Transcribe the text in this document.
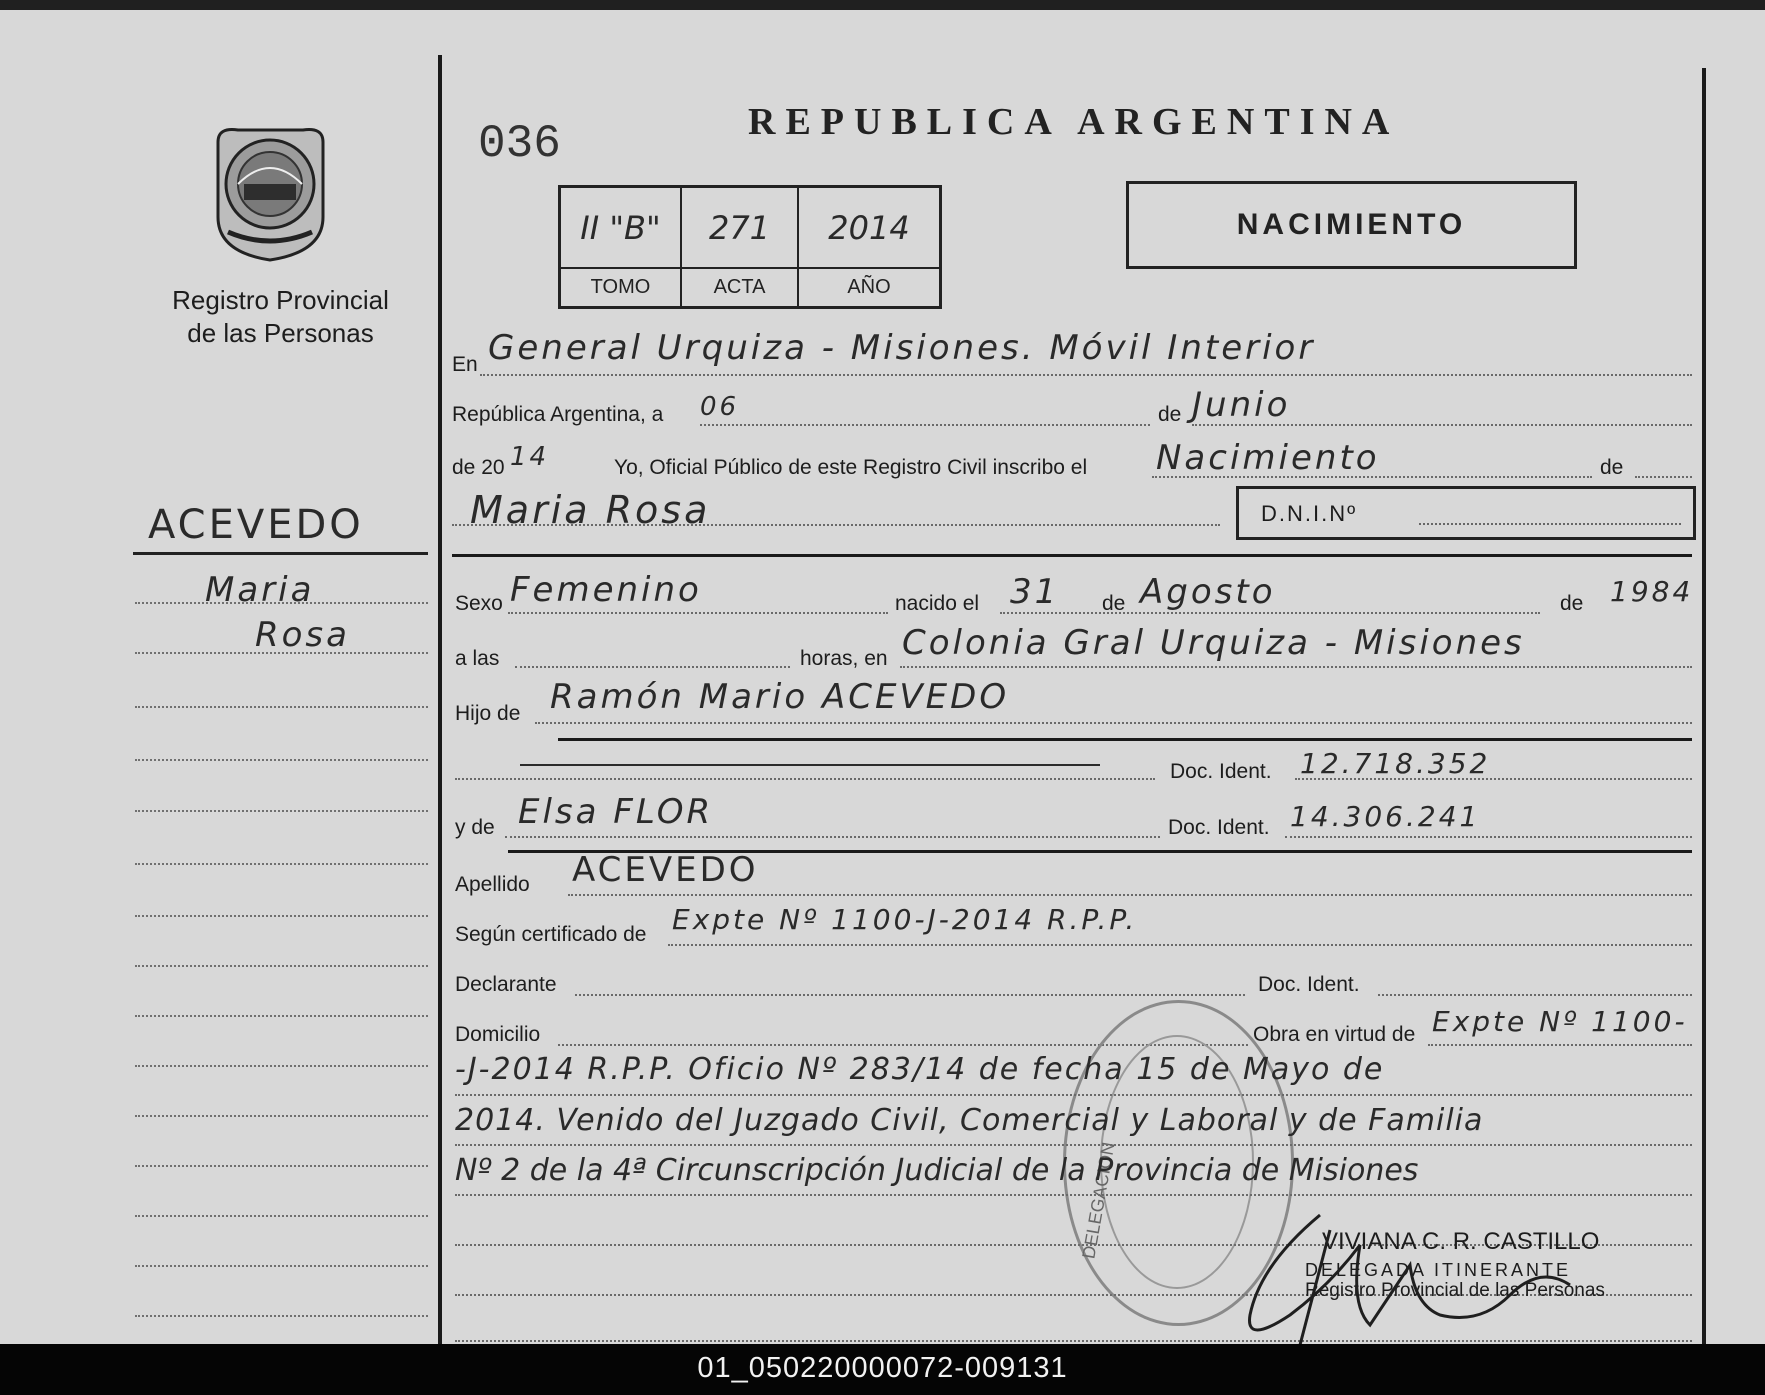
Registro Provincial
de las Personas
ACEVEDO
Maria
Rosa
036	REPUBLICA ARGENTINA
II "B"	271	2014
TOMO	ACTA	AÑO
NACIMIENTO
En General Urquiza - Misiones. Móvil Interior
República Argentina, a 06	de Junio
de 20 14	Yo, Oficial Público de este Registro Civil inscribo el Nacimiento	de
Maria Rosa	D.N.I.Nº
Sexo Femenino	nacido el 31 de Agosto	de 1984
a las	horas, en Colonia Gral Urquiza - Misiones
Hijo de Ramón Mario ACEVEDO
Doc. Ident. 12.718.352
y de Elsa FLOR	Doc. Ident. 14.306.241
Apellido ACEVEDO
Según certificado de Expte Nº 1100-J-2014 R.P.P.
Declarante	Doc. Ident.
Domicilio	Obra en virtud de Expte Nº 1100-
DELEGACION
-J-2014 R.P.P. Oficio Nº 283/14 de fecha 15 de Mayo de
2014. Venido del Juzgado Civil, Comercial y Laboral y de Familia
Nº 2 de la 4ª Circunscripción Judicial de la Provincia de Misiones
VIVIANA C. R. CASTILLO
DELEGADA ITINERANTE
Registro Provincial de las Personas
01_050220000072-009131
